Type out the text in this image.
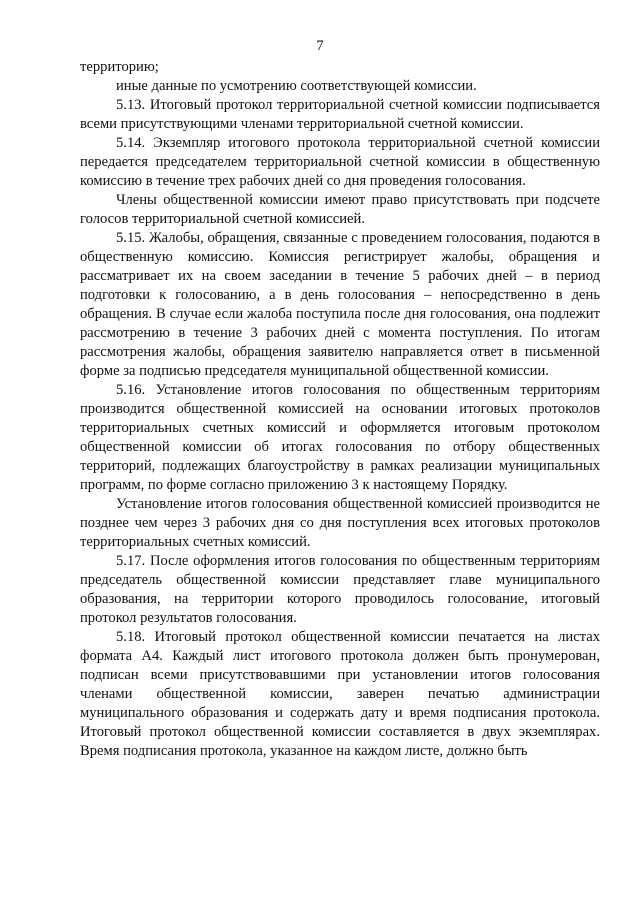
7

территорию;

иные данные по усмотрению соответствующей комиссии.

5.13. Итоговый протокол территориальной счетной комиссии подписывается всеми присутствующими членами территориальной счетной комиссии.

5.14. Экземпляр итогового протокола территориальной счетной комиссии передается председателем территориальной счетной комиссии в общественную комиссию в течение трех рабочих дней со дня проведения голосования.

Члены общественной комиссии имеют право присутствовать при подсчете голосов территориальной счетной комиссией.

5.15. Жалобы, обращения, связанные с проведением голосования, подаются в общественную комиссию. Комиссия регистрирует жалобы, обращения и рассматривает их на своем заседании в течение 5 рабочих дней – в период подготовки к голосованию, а в день голосования – непосредственно в день обращения. В случае если жалоба поступила после дня голосования, она подлежит рассмотрению в течение 3 рабочих дней с момента поступления. По итогам рассмотрения жалобы, обращения заявителю направляется ответ в письменной форме за подписью председателя муниципальной общественной комиссии.

5.16. Установление итогов голосования по общественным территориям производится общественной комиссией на основании итоговых протоколов территориальных счетных комиссий и оформляется итоговым протоколом общественной комиссии об итогах голосования по отбору общественных территорий, подлежащих благоустройству в рамках реализации муниципальных программ, по форме согласно приложению 3 к настоящему Порядку.

Установление итогов голосования общественной комиссией производится не позднее чем через 3 рабочих дня со дня поступления всех итоговых протоколов территориальных счетных комиссий.

5.17. После оформления итогов голосования по общественным территориям председатель общественной комиссии представляет главе муниципального образования, на территории которого проводилось голосование, итоговый протокол результатов голосования.

5.18. Итоговый протокол общественной комиссии печатается на листах формата А4. Каждый лист итогового протокола должен быть пронумерован, подписан всеми присутствовавшими при установлении итогов голосования членами общественной комиссии, заверен печатью администрации муниципального образования и содержать дату и время подписания протокола. Итоговый протокол общественной комиссии составляется в двух экземплярах. Время подписания протокола, указанное на каждом листе, должно быть
